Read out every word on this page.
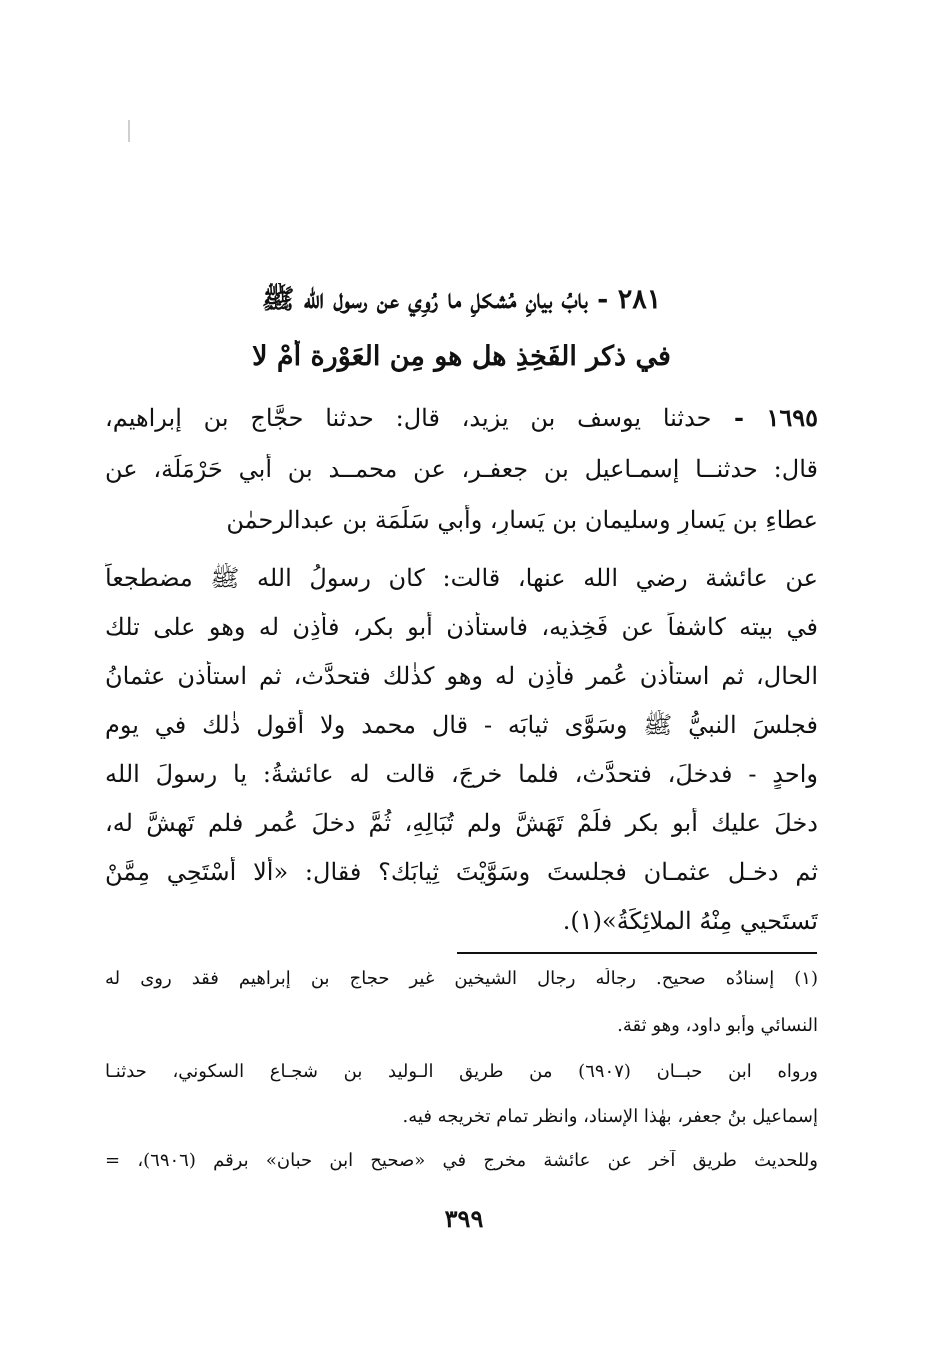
٢٨١ - بابُ بيانِ مُشكلِ ما رُوِي عن رسول الله ﷺ
في ذكر الفَخِذِ هل هو مِن العَوْرة أمْ لا
١٦٩٥ - حدثنا يوسف بن يزيد، قال: حدثنا حجَّاج بن إبراهيم،
قال: حدثنــا إسمـاعيل بن جعفـر، عن محمــد بن أبي حَرْمَلَة، عن
عطاءِ بن يَسارٍ وسليمان بن يَسارٍ، وأبي سَلَمَة بن عبدالرحمٰن
عن عائشة رضي الله عنها، قالت: كان رسولُ الله ﷺ مضطجعاً
في بيته كاشفاً عن فَخِذيه، فاستأذن أبو بكر، فأذِن له وهو على تلك
الحال، ثم استأذن عُمر فأذِن له وهو كذٰلك فتحدَّث، ثم استأذن عثمانُ
فجلسَ النبيُّ ﷺ وسَوَّى ثيابَه - قال محمد ولا أقول ذٰلك في يومٍ
واحدٍ - فدخلَ، فتحدَّث، فلما خرجَ، قالت له عائشةُ: يا رسولَ الله
دخلَ عليك أبو بكر فلَمْ تَهَشَّ ولم تُبَالِهِ، ثُمَّ دخلَ عُمر فلم تَهشَّ له،
ثم دخـل عثمـان فجلستَ وسَوَّيْتَ ثِيابَك؟ فقال: «ألا أَسْتَحِي مِمَّنْ
تَستَحيي مِنْهُ الملائِكَةُ»(١).
(١) إسنادُه صحيح. رجالُه رجال الشيخين غير حجاج بن إبراهيم فقد روى له
النسائي وأبو داود، وهو ثقة.
ورواه ابن حبــان (٦٩٠٧) من طريق الـوليد بن شجـاع السكوني، حدثنـا
إسماعيل بنُ جعفر، بهٰذا الإسناد، وانظر تمام تخريجه فيه.
وللحديث طريق آخر عن عائشة مخرج في «صحيح ابن حبان» برقم (٦٩٠٦)، =
٣٩٩
